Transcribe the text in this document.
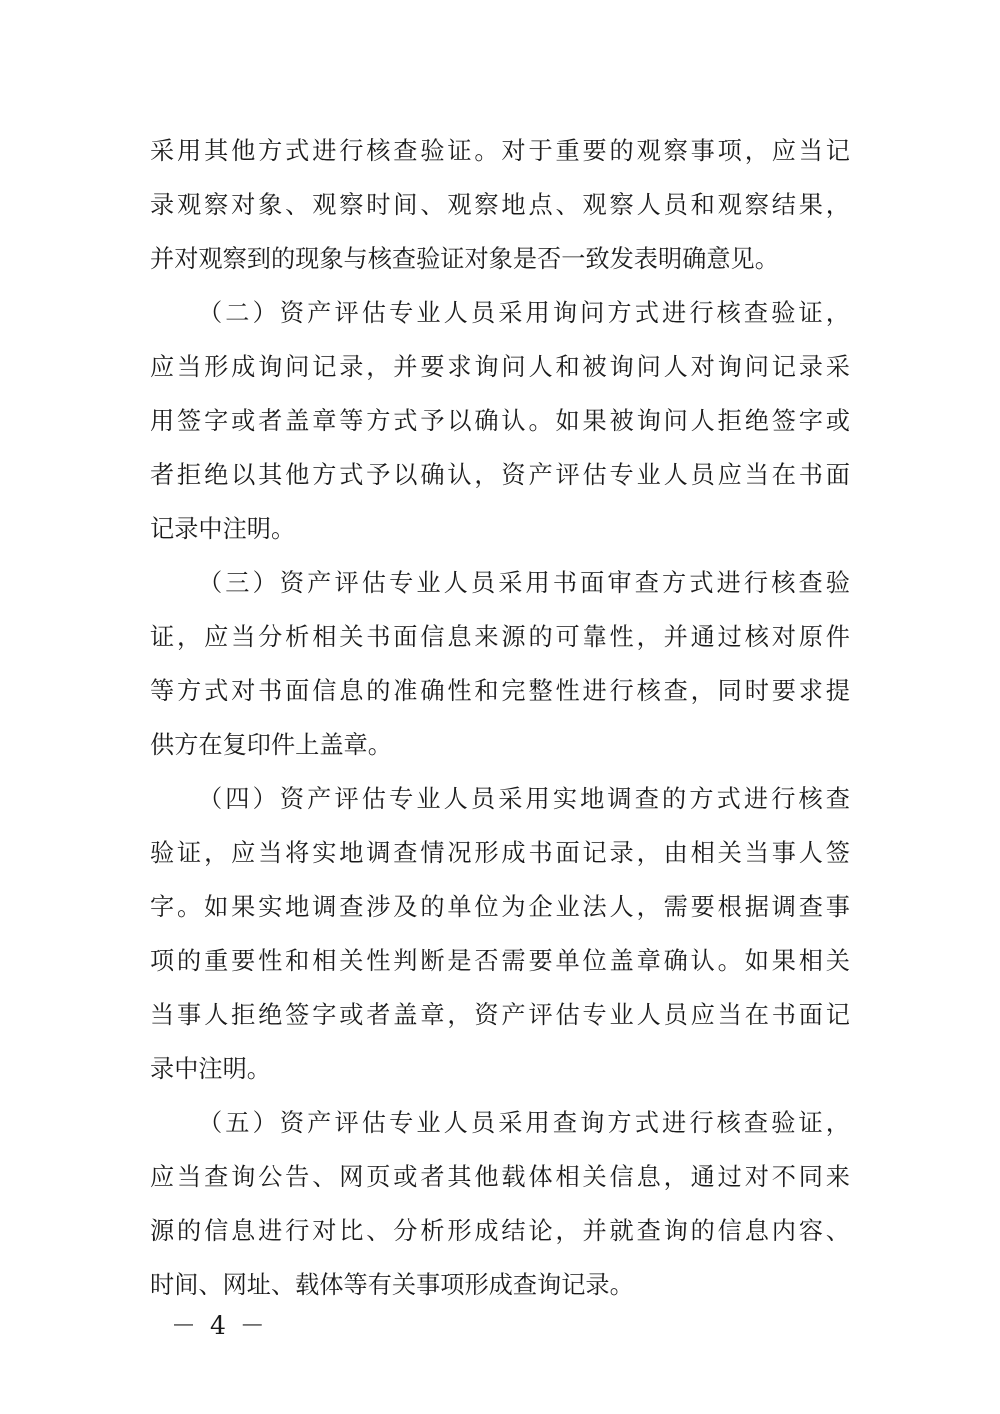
采用其他方式进行核查验证。对于重要的观察事项，应当记
录观察对象、观察时间、观察地点、观察人员和观察结果，
并对观察到的现象与核查验证对象是否一致发表明确意见。
（二）资产评估专业人员采用询问方式进行核查验证，
应当形成询问记录，并要求询问人和被询问人对询问记录采
用签字或者盖章等方式予以确认。如果被询问人拒绝签字或
者拒绝以其他方式予以确认，资产评估专业人员应当在书面
记录中注明。
（三）资产评估专业人员采用书面审查方式进行核查验
证，应当分析相关书面信息来源的可靠性，并通过核对原件
等方式对书面信息的准确性和完整性进行核查，同时要求提
供方在复印件上盖章。
（四）资产评估专业人员采用实地调查的方式进行核查
验证，应当将实地调查情况形成书面记录，由相关当事人签
字。如果实地调查涉及的单位为企业法人，需要根据调查事
项的重要性和相关性判断是否需要单位盖章确认。如果相关
当事人拒绝签字或者盖章，资产评估专业人员应当在书面记
录中注明。
（五）资产评估专业人员采用查询方式进行核查验证，
应当查询公告、网页或者其他载体相关信息，通过对不同来
源的信息进行对比、分析形成结论，并就查询的信息内容、
时间、网址、载体等有关事项形成查询记录。
－ 4 －
